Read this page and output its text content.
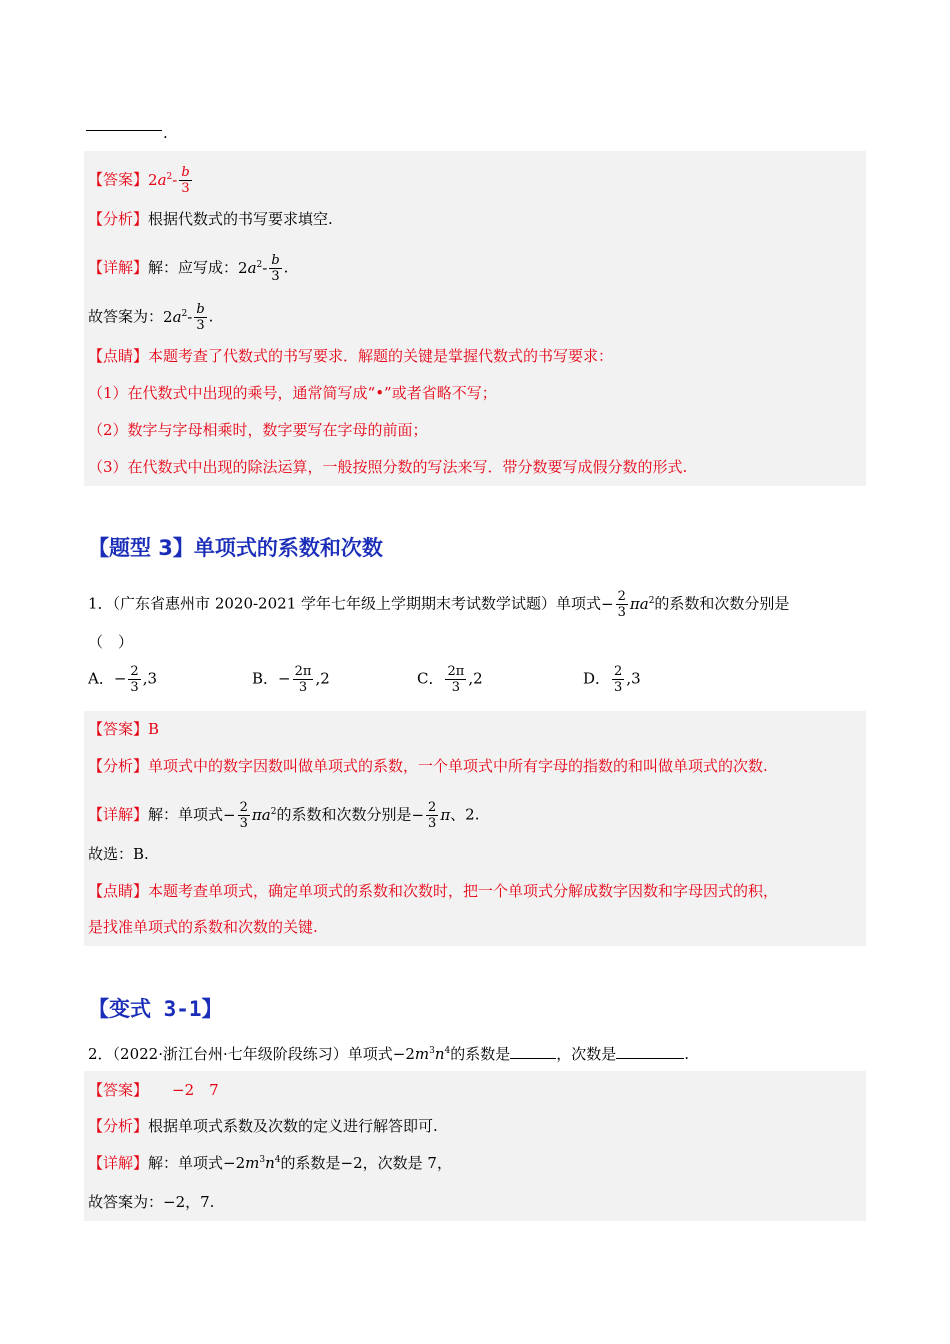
.
【答案】$2a^2- \frac{b}{3}$
【分析】根据代数式的书写要求填空.
【详解】解：应写成：$2a^2- \frac{b}{3}$ .
故答案为：$2a^2- \frac{b}{3}$ .
【点睛】本题考查了代数式的书写要求．解题的关键是掌握代数式的书写要求：
（1）在代数式中出现的乘号，通常简写成“•”或者省略不写；
（2）数字与字母相乘时，数字要写在字母的前面；
（3）在代数式中出现的除法运算，一般按照分数的写法来写．带分数要写成假分数的形式.
【题型 3】单项式的系数和次数
1．（广东省惠州市 2020-2021 学年七年级上学期期末考试数学试题）单项式− $\frac{2}{3} \pi a^2$的系数和次数分别是
（　）
A．− $\frac{2}{3} ,3$	B．− $\frac{2\pi}{3} ,2$	C． $\frac{2\pi}{3} ,2$	D． $\frac{2}{3} ,3$
【答案】B
【分析】单项式中的数字因数叫做单项式的系数，一个单项式中所有字母的指数的和叫做单项式的次数.
【详解】解：单项式− $\frac{2}{3} \pi a^2$的系数和次数分别是− $\frac{2}{3}$ π、2.
故选：B.
【点睛】本题考查单项式，确定单项式的系数和次数时，把一个单项式分解成数字因数和字母因式的积，
是找准单项式的系数和次数的关键.
【变式 3-1】
2．（2022·浙江台州·七年级阶段练习）单项式$-2m^3n^4$的系数是	，次数是	.
【答案】 −2　7
【分析】根据单项式系数及次数的定义进行解答即可.
【详解】解：单项式$-2m^3n^4$的系数是−2，次数是 7，
故答案为：−2，7.
